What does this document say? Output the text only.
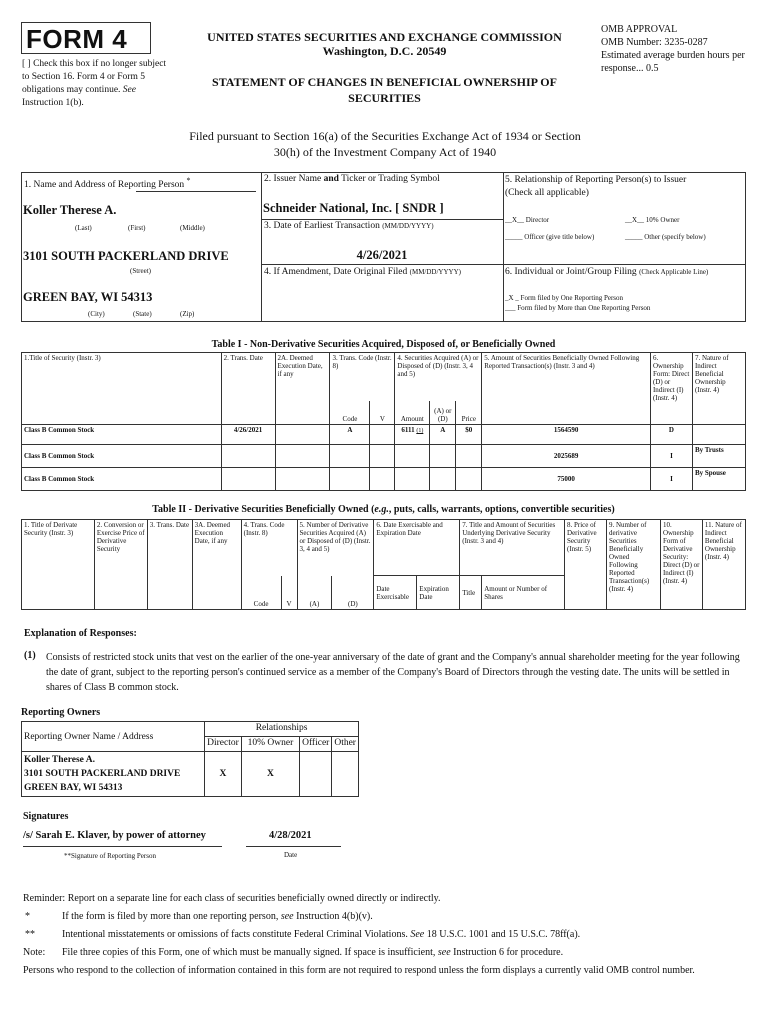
FORM 4
[ ] Check this box if no longer subject to Section 16. Form 4 or Form 5 obligations may continue. See Instruction 1(b).
UNITED STATES SECURITIES AND EXCHANGE COMMISSION
Washington, D.C. 20549
STATEMENT OF CHANGES IN BENEFICIAL OWNERSHIP OF SECURITIES
OMB APPROVAL
OMB Number: 3235-0287
Estimated average burden hours per response... 0.5
Filed pursuant to Section 16(a) of the Securities Exchange Act of 1934 or Section 30(h) of the Investment Company Act of 1940
1. Name and Address of Reporting Person *
Koller Therese A.
(Last)	(First)	(Middle)
3101 SOUTH PACKERLAND DRIVE
(Street)
GREEN BAY, WI 54313
(City)	(State)	(Zip)
2. Issuer Name and Ticker or Trading Symbol
Schneider National, Inc. [ SNDR ]
3. Date of Earliest Transaction (MM/DD/YYYY)
4/26/2021
4. If Amendment, Date Original Filed (MM/DD/YYYY)
5. Relationship of Reporting Person(s) to Issuer
(Check all applicable)
__X__ Director	__X__ 10% Owner
_____ Officer (give title below)	_____ Other (specify below)
6. Individual or Joint/Group Filing (Check Applicable Line)
_X _ Form filed by One Reporting Person
___ Form filed by More than One Reporting Person
Table I - Non-Derivative Securities Acquired, Disposed of, or Beneficially Owned
1.Title of Security (Instr. 3)	2. Trans. Date	2A. Deemed Execution Date, if any	3. Trans. Code (Instr. 8)		4. Securities Acquired (A) or Disposed of (D) (Instr. 3, 4 and 5)			5. Amount of Securities Beneficially Owned Following Reported Transaction(s) (Instr. 3 and 4)	6. Ownership Form: Direct (D) or Indirect (I) (Instr. 4)	7. Nature of Indirect Beneficial Ownership (Instr. 4)
			Code	V	Amount	(A) or (D)	Price			
Class B Common Stock	4/26/2021		A		6111 (1)	A	$0	1564590	D	
Class B Common Stock								2025689	I	By Trusts
Class B Common Stock								75000	I	By Spouse
Table II - Derivative Securities Beneficially Owned (e.g., puts, calls, warrants, options, convertible securities)
1. Title of Derivate Security (Instr. 3)	2. Conversion or Exercise Price of Derivative Security	3. Trans. Date	3A. Deemed Execution Date, if any	4. Trans. Code (Instr. 8)		5. Number of Derivative Securities Acquired (A) or Disposed of (D) (Instr. 3, 4 and 5)		6. Date Exercisable and Expiration Date		7. Title and Amount of Securities Underlying Derivative Security (Instr. 3 and 4)		8. Price of Derivative Security (Instr. 5)	9. Number of derivative Securities Beneficially Owned Following Reported Transaction(s) (Instr. 4)	10. Ownership Form of Derivative Security: Direct (D) or Indirect (I) (Instr. 4)	11. Nature of Indirect Beneficial Ownership (Instr. 4)
				Code	V	(A)	(D)	Date Exercisable	Expiration Date	Title	Amount or Number of Shares				
Explanation of Responses:
(1) Consists of restricted stock units that vest on the earlier of the one-year anniversary of the date of grant and the Company's annual shareholder meeting for the year following the date of grant, subject to the reporting person's continued service as a member of the Company's Board of Directors through the vesting date. The units will be settled in shares of Class B common stock.
Reporting Owners
Reporting Owner Name / Address	Relationships			
	Director	10% Owner	Officer	Other

Koller Therese A.
3101 SOUTH PACKERLAND DRIVE
GREEN BAY, WI 54313	X	X		
Signatures
/s/ Sarah E. Klaver, by power of attorney	4/28/2021
**Signature of Reporting Person	Date
Reminder: Report on a separate line for each class of securities beneficially owned directly or indirectly.
*	If the form is filed by more than one reporting person, see Instruction 4(b)(v).
**	Intentional misstatements or omissions of facts constitute Federal Criminal Violations. See 18 U.S.C. 1001 and 15 U.S.C. 78ff(a).
Note: File three copies of this Form, one of which must be manually signed. If space is insufficient, see Instruction 6 for procedure.
Persons who respond to the collection of information contained in this form are not required to respond unless the form displays a currently valid OMB control number.
